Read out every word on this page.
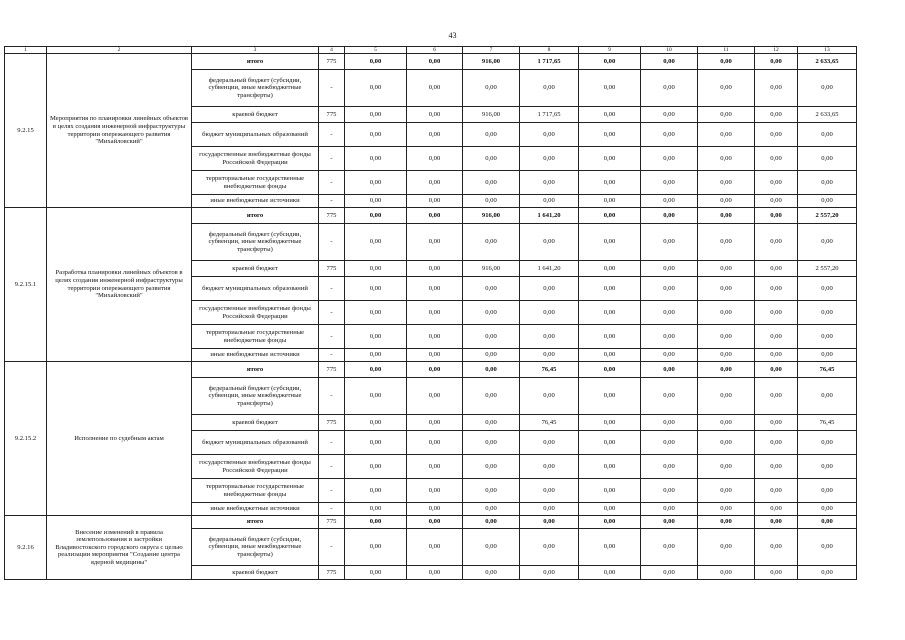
43
1	2	3	4	5	6	7	8	9	10	11	12	13
9.2.15	Мероприятия по планировки линейных объектов в целях создания инженерной инфраструктуры территории опережающего развития "Михайловский"	итого	775	0,00	0,00	916,00	1 717,65	0,00	0,00	0,00	0,00	2 633,65
		федеральный бюджет (субсидии, субвенции, иные межбюджетные трансферты)	-	0,00	0,00	0,00	0,00	0,00	0,00	0,00	0,00	0,00
		краевой бюджет	775	0,00	0,00	916,00	1 717,65	0,00	0,00	0,00	0,00	2 633,65
		бюджет муниципальных образований	-	0,00	0,00	0,00	0,00	0,00	0,00	0,00	0,00	0,00
		государственные внебюджетные фонды Российской Федерации	-	0,00	0,00	0,00	0,00	0,00	0,00	0,00	0,00	0,00
		территориальные государственные внебюджетные фонды	-	0,00	0,00	0,00	0,00	0,00	0,00	0,00	0,00	0,00
		иные внебюджетные источники	-	0,00	0,00	0,00	0,00	0,00	0,00	0,00	0,00	0,00
9.2.15.1	Разработка планировки линейных объектов в целях создания инженерной инфраструктуры территории опережающего развития "Михайловский"	итого	775	0,00	0,00	916,00	1 641,20	0,00	0,00	0,00	0,00	2 557,20
		федеральный бюджет (субсидии, субвенции, иные межбюджетные трансферты)	-	0,00	0,00	0,00	0,00	0,00	0,00	0,00	0,00	0,00
		краевой бюджет	775	0,00	0,00	916,00	1 641,20	0,00	0,00	0,00	0,00	2 557,20
		бюджет муниципальных образований	-	0,00	0,00	0,00	0,00	0,00	0,00	0,00	0,00	0,00
		государственные внебюджетные фонды Российской Федерации	-	0,00	0,00	0,00	0,00	0,00	0,00	0,00	0,00	0,00
		территориальные государственные внебюджетные фонды	-	0,00	0,00	0,00	0,00	0,00	0,00	0,00	0,00	0,00
		иные внебюджетные источники	-	0,00	0,00	0,00	0,00	0,00	0,00	0,00	0,00	0,00
9.2.15.2	Исполнение по судебным актам	итого	775	0,00	0,00	0,00	76,45	0,00	0,00	0,00	0,00	76,45
		федеральный бюджет (субсидии, субвенции, иные межбюджетные трансферты)	-	0,00	0,00	0,00	0,00	0,00	0,00	0,00	0,00	0,00
		краевой бюджет	775	0,00	0,00	0,00	76,45	0,00	0,00	0,00	0,00	76,45
		бюджет муниципальных образований	-	0,00	0,00	0,00	0,00	0,00	0,00	0,00	0,00	0,00
		государственные внебюджетные фонды Российской Федерации	-	0,00	0,00	0,00	0,00	0,00	0,00	0,00	0,00	0,00
		территориальные государственные внебюджетные фонды	-	0,00	0,00	0,00	0,00	0,00	0,00	0,00	0,00	0,00
		иные внебюджетные источники	-	0,00	0,00	0,00	0,00	0,00	0,00	0,00	0,00	0,00
9.2.16	Внесение изменений в правила землепользования и застройки Владивостокского городского округа с целью реализации мероприятия "Создание центра ядерной медицины"	итого	775	0,00	0,00	0,00	0,00	0,00	0,00	0,00	0,00	0,00
		федеральный бюджет (субсидии, субвенции, иные межбюджетные трансферты)	-	0,00	0,00	0,00	0,00	0,00	0,00	0,00	0,00	0,00
		краевой бюджет	775	0,00	0,00	0,00	0,00	0,00	0,00	0,00	0,00	0,00
